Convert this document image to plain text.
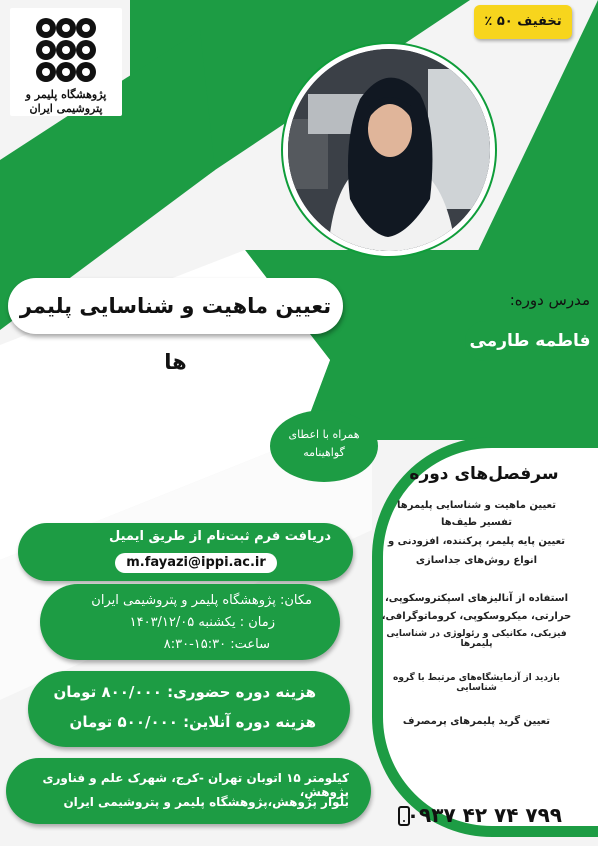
پژوهشگاه پلیمر و پتروشیمی ایران
تخفیف ۵۰ ٪
تعیین ماهیت و شناسایی پلیمر ها
مدرس دوره:
فاطمه طارمی
همراه با اعطای
گواهینامه
سرفصل‌های دوره
تعیین ماهیت و شناسایی پلیمرها
تفسیر طیف‌ها
تعیین پایه پلیمر، پرکننده، افزودنی و
انواع روش‌های جداسازی
استفاده از آنالیزهای اسپکتروسکوپی،
حرارتی، میکروسکوپی، کروماتوگرافی،
فیزیکی، مکانیکی و رئولوژی در شناسایی پلیمرها
بازدید از آزمایشگاه‌های مرتبط با گروه شناسایی
تعیین گرید پلیمرهای پرمصرف
دریافت فرم ثبت‌نام از طریق ایمیل
m.fayazi@ippi.ac.ir
مکان: پژوهشگاه پلیمر و پتروشیمی ایران
زمان : یکشنبه ۱۴۰۳/۱۲/۰۵
ساعت: ۱۵:۳۰-۸:۳۰
هزینه دوره حضوری: ۸۰۰/۰۰۰ تومان
هزینه دوره آنلاین: ۵۰۰/۰۰۰ تومان
کیلومتر ۱۵ اتوبان تهران -کرج، شهرک علم و فناوری پژوهش،
بلوار پژوهش،پژوهشگاه پلیمر و پتروشیمی ایران
۰۹۳۷ ۴۲ ۷۴ ۷۹۹
